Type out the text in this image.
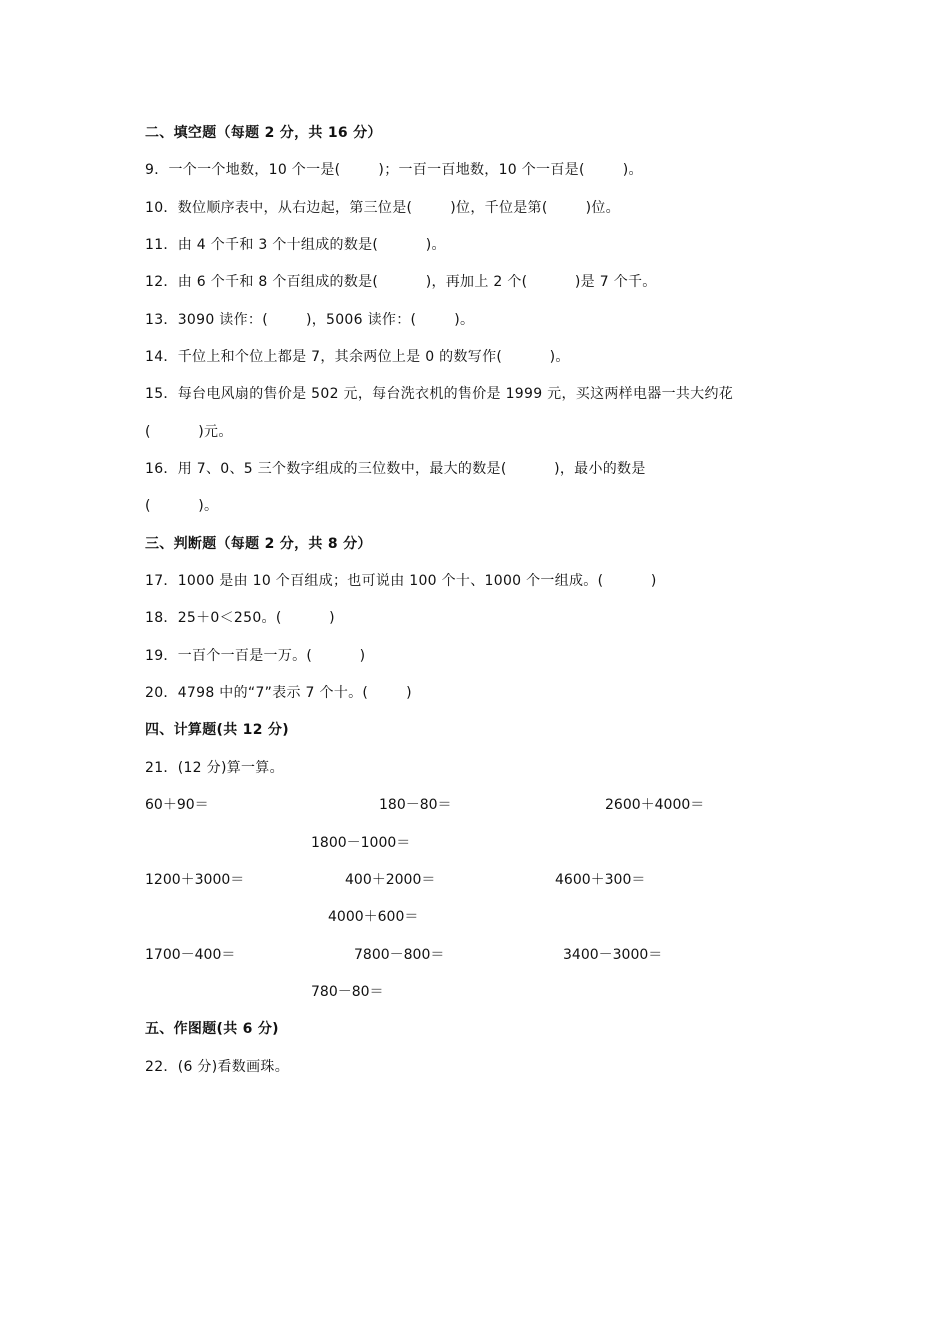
二、填空题（每题 2 分，共 16 分）
9．一个一个地数，10 个一是(        )；一百一百地数，10 个一百是(        )。
10．数位顺序表中，从右边起，第三位是(        )位，千位是第(        )位。
11．由 4 个千和 3 个十组成的数是(          )。
12．由 6 个千和 8 个百组成的数是(          )，再加上 2 个(          )是 7 个千。
13．3090 读作：(        )，5006 读作：(        )。
14．千位上和个位上都是 7，其余两位上是 0 的数写作(          )。
15．每台电风扇的售价是 502 元，每台洗衣机的售价是 1999 元，买这两样电器一共大约花
(          )元。
16．用 7、0、5 三个数字组成的三位数中，最大的数是(          )，最小的数是
(          )。
三、判断题（每题 2 分，共 8 分）
17．1000 是由 10 个百组成；也可说由 100 个十、1000 个一组成。(          )
18．25＋0＜250。(          )
19．一百个一百是一万。(          )
20．4798 中的“7”表示 7 个十。(        )
四、计算题(共 12 分)
21．(12 分)算一算。
60＋90＝	180－80＝	2600＋4000＝
1800－1000＝
1200＋3000＝	400＋2000＝	4600＋300＝
4000＋600＝
1700－400＝	7800－800＝	3400－3000＝
780－80＝
五、作图题(共 6 分)
22．(6 分)看数画珠。
